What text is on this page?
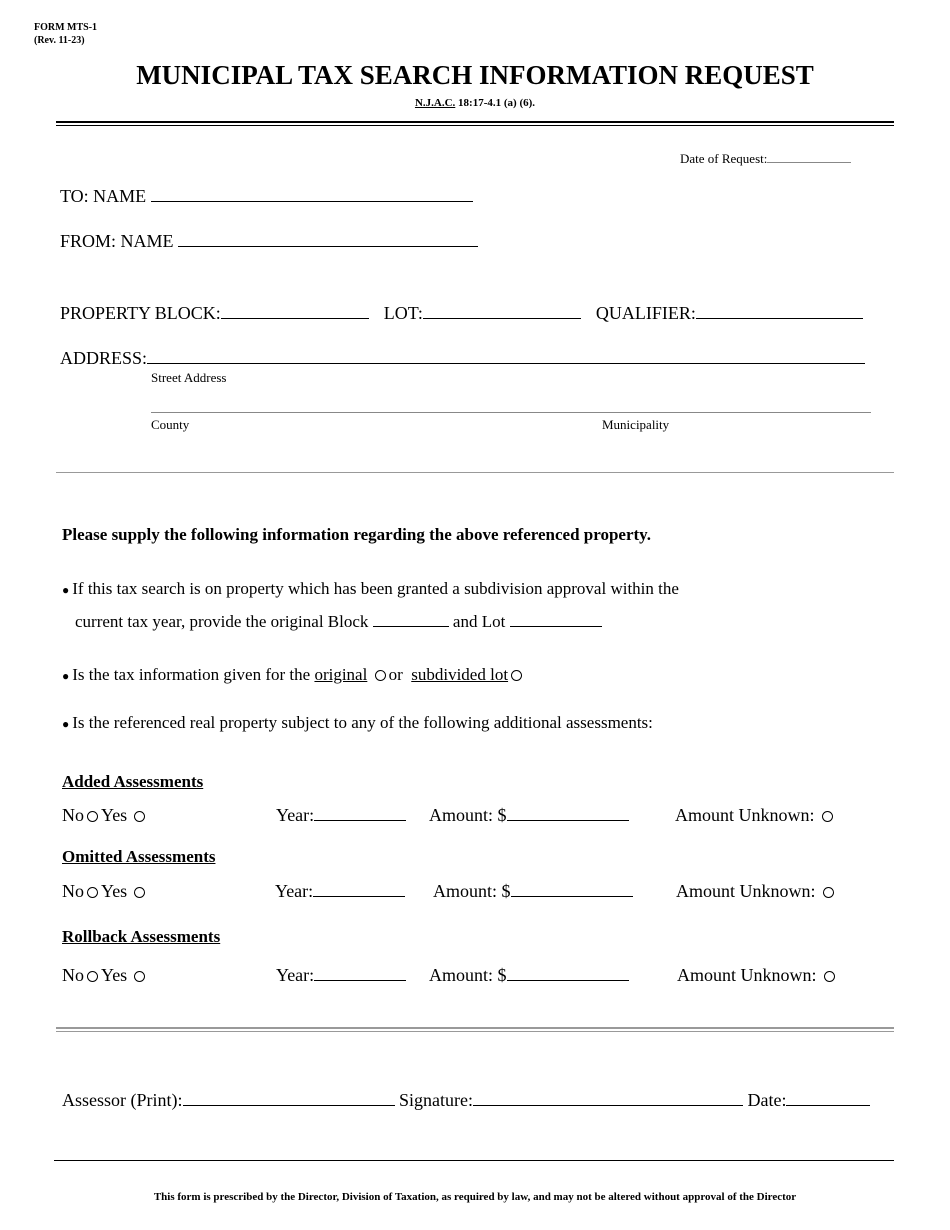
FORM MTS-1
(Rev. 11-23)
MUNICIPAL TAX SEARCH INFORMATION REQUEST
N.J.A.C. 18:17-4.1 (a) (6).
Date of Request:
TO: NAME
FROM: NAME
PROPERTY BLOCK:	LOT:	QUALIFIER:
ADDRESS:
Street Address
County	Municipality
Please supply the following information regarding the above referenced property.
● If this tax search is on property which has been granted a subdivision approval within the
current tax year, provide the original Block	and Lot
● Is the tax information given for the original or subdivided lot
● Is the referenced real property subject to any of the following additional assessments:
Added Assessments
No Yes	Year:	Amount: $	Amount Unknown:
Omitted Assessments
No Yes	Year:	Amount: $	Amount Unknown:
Rollback Assessments
No Yes	Year:	Amount: $	Amount Unknown:
Assessor (Print):	Signature:	Date:
This form is prescribed by the Director, Division of Taxation, as required by law, and may not be altered without approval of the Director
